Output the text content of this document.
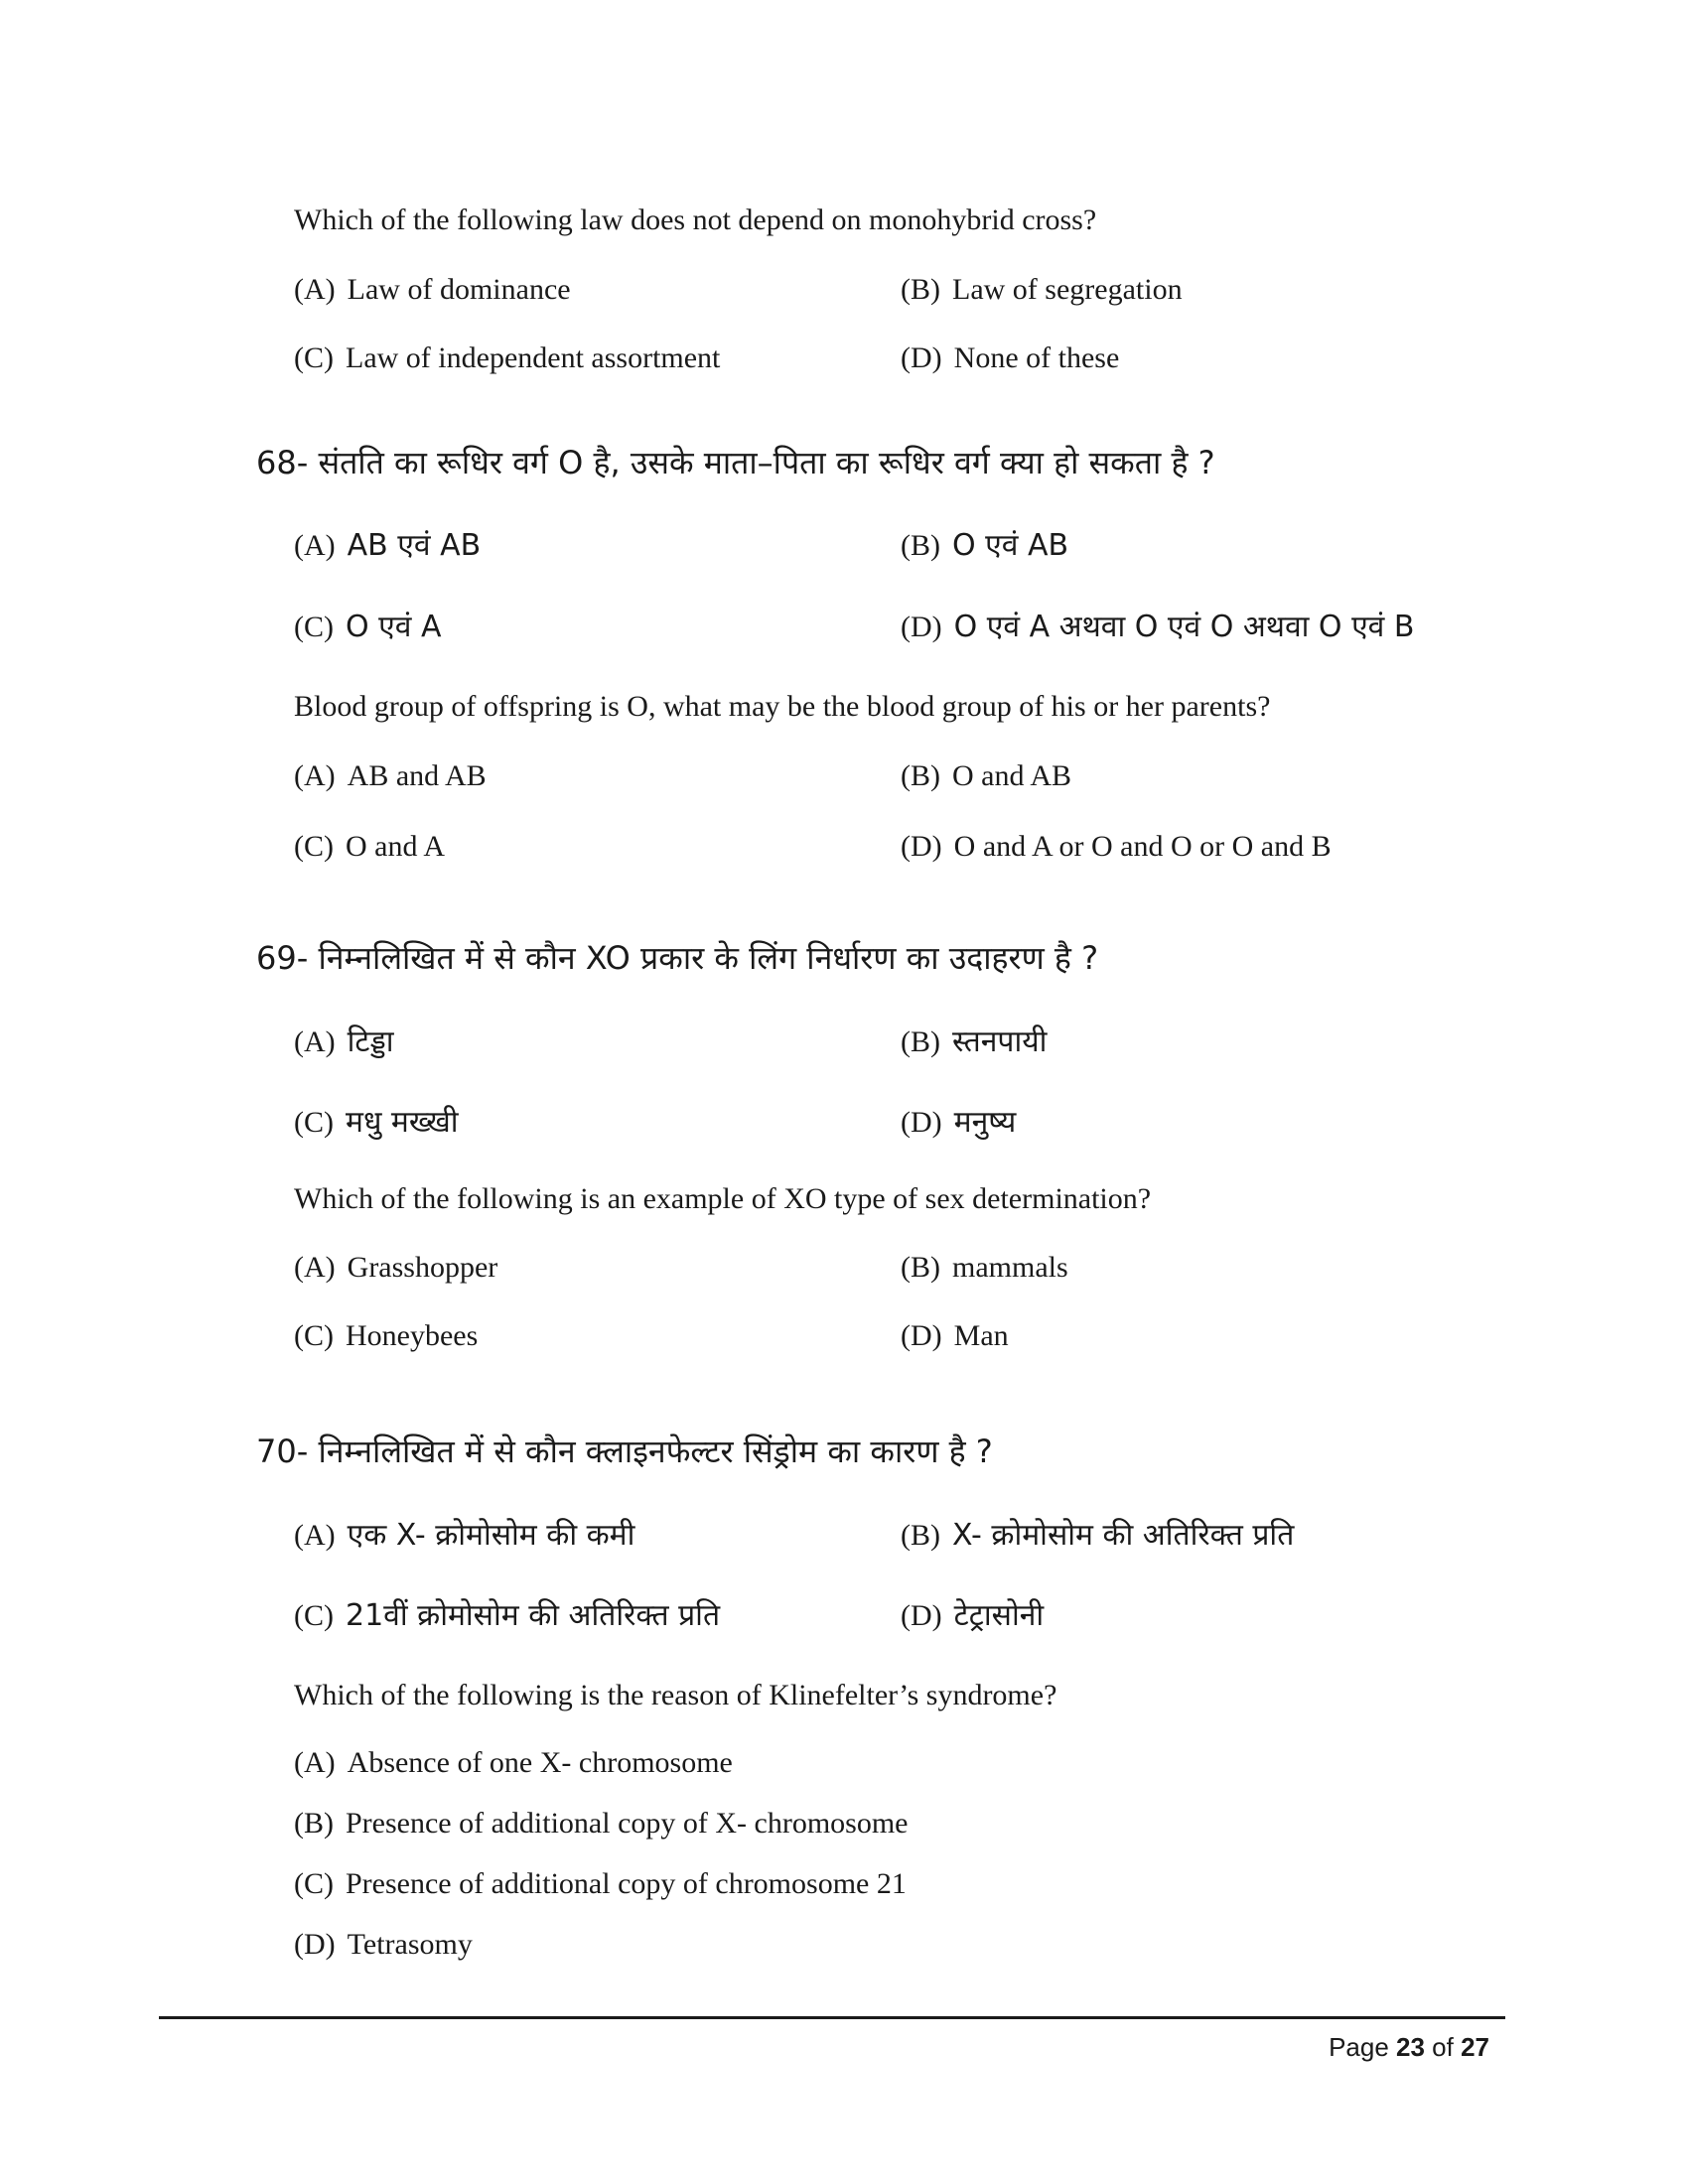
Which of the following law does not depend on monohybrid cross?
(A) Law of dominance	(B) Law of segregation
(C) Law of independent assortment	(D) None of these
68- संतति का रूधिर वर्ग O है, उसके माता–पिता का रूधिर वर्ग क्या हो सकता है ?
(A) AB एवं AB	(B) O एवं AB
(C) O एवं A	(D) O एवं A अथवा O एवं O अथवा O एवं B
Blood group of offspring is O, what may be the blood group of his or her parents?
(A) AB and AB	(B) O and AB
(C) O and A	(D) O and A or O and O or O and B
69- निम्नलिखित में से कौन XO प्रकार के लिंग निर्धारण का उदाहरण है ?
(A) टिड्डा	(B) स्तनपायी
(C) मधु मख्खी	(D) मनुष्य
Which of the following is an example of XO type of sex determination?
(A) Grasshopper	(B) mammals
(C) Honeybees	(D) Man
70- निम्नलिखित में से कौन क्लाइनफेल्टर सिंड्रोम का कारण है ?
(A) एक X- क्रोमोसोम की कमी	(B) X- क्रोमोसोम की अतिरिक्त प्रति
(C) 21वीं क्रोमोसोम की अतिरिक्त प्रति	(D) टेट्रासोनी
Which of the following is the reason of Klinefelter’s syndrome?
(A) Absence of one X- chromosome
(B) Presence of additional copy of X- chromosome
(C) Presence of additional copy of chromosome 21
(D) Tetrasomy
Page 23 of 27
